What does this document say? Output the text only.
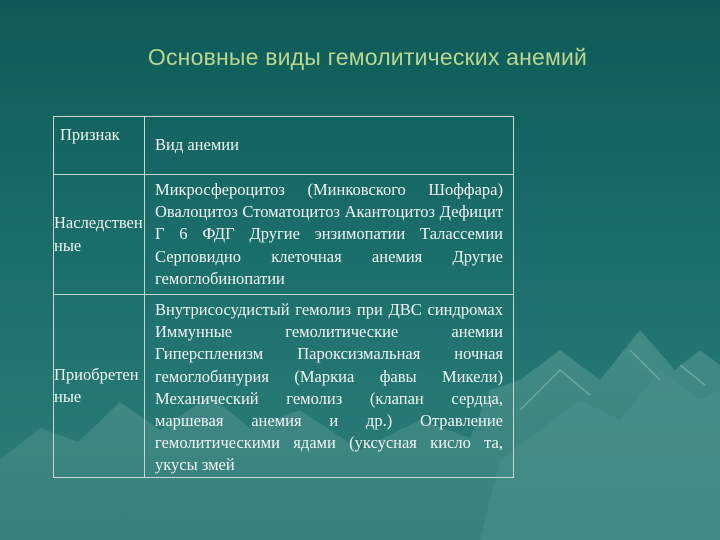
Основные виды гемолитических анемий
Признак	Вид анемии
Наследственные	Микросфероцитоз (Минковского Шоффара) Овалоцитоз Стоматоцитоз Акантоцитоз Дефицит Г 6 ФДГ Другие энзимопатии Талассемии Серповидно клеточная анемия Другие гемоглобинопатии
Приобретенные	Внутрисосудистый гемолиз при ДВС синдромах Иммунные гемолитические анемии Гиперспленизм Пароксизмальная ночная гемоглобинурия (Маркиа фавы Микели) Механический гемолиз (клапан сердца, маршевая анемия и др.) Отравление гемолитическими ядами (уксусная кисло та, укусы змей
